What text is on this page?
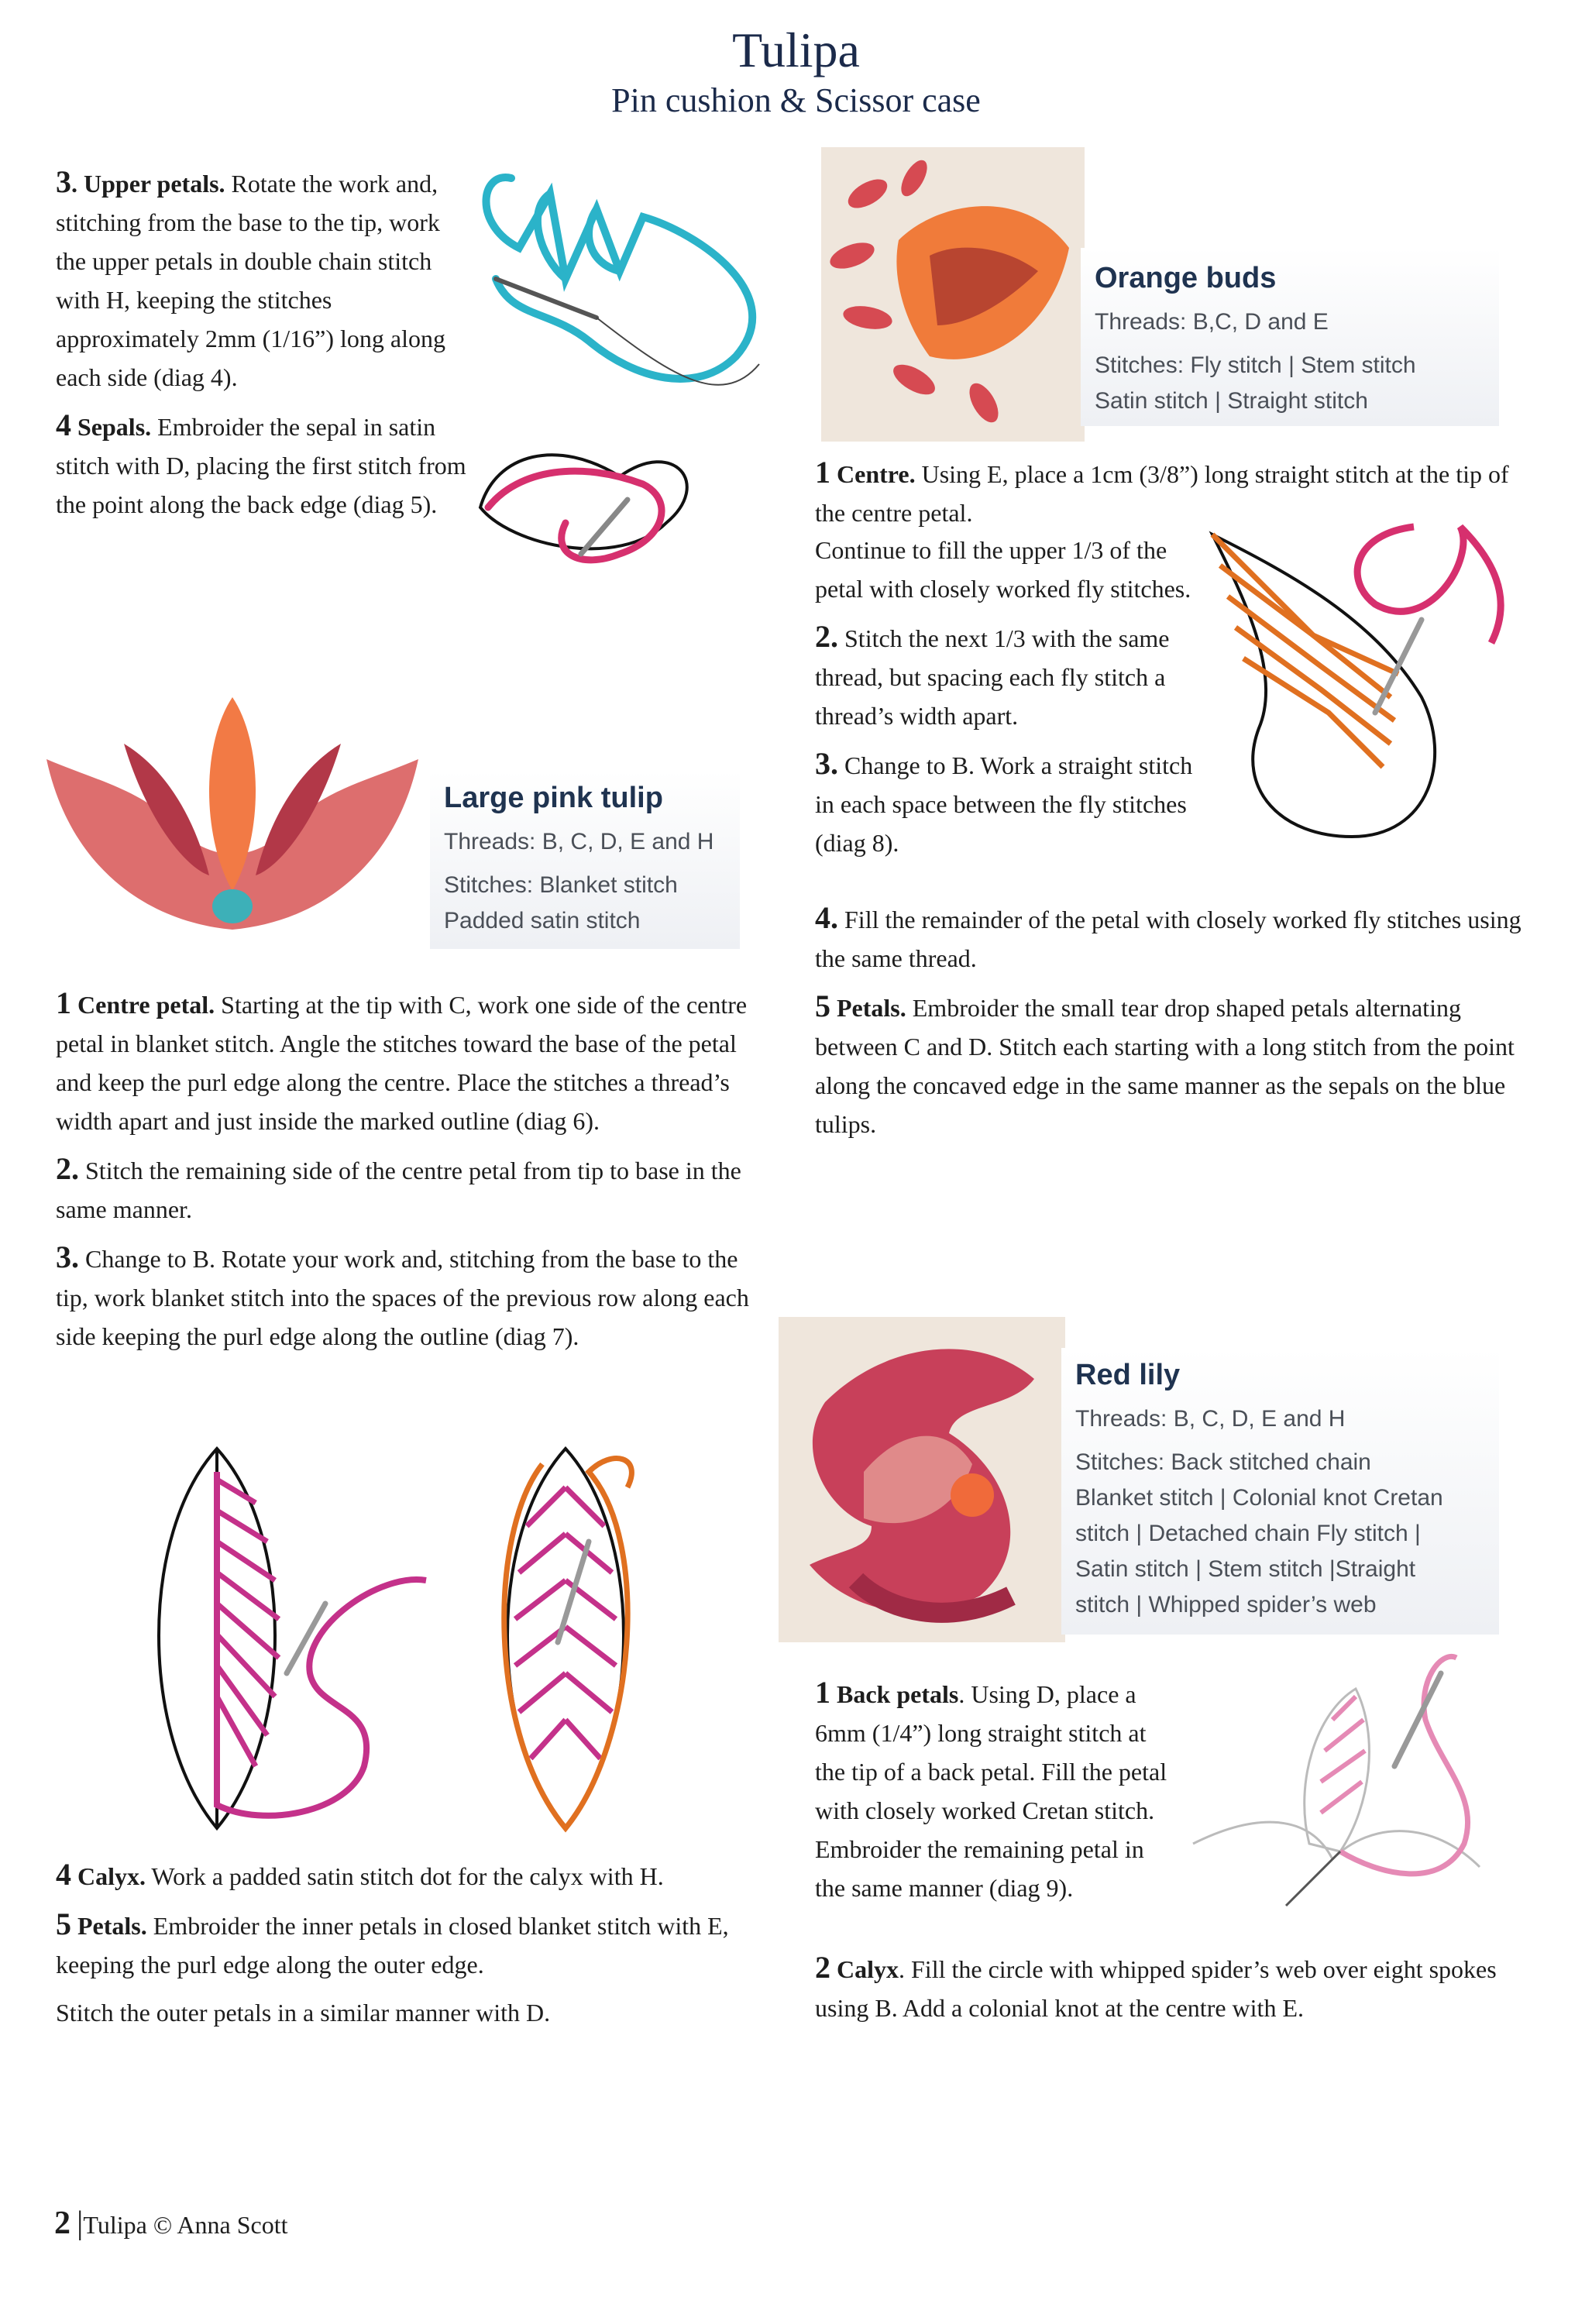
Tulipa
Pin cushion & Scissor case

3. Upper petals. Rotate the work and, stitching from the base to the tip, work the upper petals in double chain stitch with H, keeping the stitches approximately 2mm (1/16”) long along each side (diag 4).

4 Sepals. Embroider the sepal in satin stitch with D, placing the first stitch from the point along the back edge (diag 5).

Orange buds
Threads: B,C, D and E
Stitches: Fly stitch | Stem stitch
Satin stitch | Straight stitch

1 Centre. Using E, place a 1cm (3/8”) long straight stitch at the tip of the centre petal.

Continue to fill the upper 1/3 of the petal with closely worked fly stitches.

2. Stitch the next 1/3 with the same thread, but spacing each fly stitch a thread’s width apart.

3. Change to B. Work a straight stitch in each space between the fly stitches (diag 8).

4. Fill the remainder of the petal with closely worked fly stitches using the same thread.

5 Petals. Embroider the small tear drop shaped petals alternating between C and D. Stitch each starting with a long stitch from the point along the concaved edge in the same manner as the sepals on the blue tulips.

Large pink tulip
Threads: B, C, D, E and H
Stitches: Blanket stitch
Padded satin stitch

1 Centre petal. Starting at the tip with C, work one side of the centre petal in blanket stitch. Angle the stitches toward the base of the petal and keep the purl edge along the centre. Place the stitches a thread’s width apart and just inside the marked outline (diag 6).

2. Stitch the remaining side of the centre petal from tip to base in the same manner.

3. Change to B. Rotate your work and, stitching from the base to the tip, work blanket stitch into the spaces of the previous row along each side keeping the purl edge along the outline (diag 7).

4 Calyx. Work a padded satin stitch dot for the calyx with H.

5 Petals. Embroider the inner petals in closed blanket stitch with E, keeping the purl edge along the outer edge.

Stitch the outer petals in a similar manner with D.

Red lily
Threads: B, C, D, E and H
Stitches: Back stitched chain
Blanket stitch | Colonial knot Cretan
stitch | Detached chain Fly stitch |
Satin stitch | Stem stitch |Straight
stitch | Whipped spider’s web

1 Back petals. Using D, place a 6mm (1/4”) long straight stitch at the tip of a back petal. Fill the petal with closely worked Cretan stitch. Embroider the remaining petal in the same manner (diag 9).

2 Calyx. Fill the circle with whipped spider’s web over eight spokes using B. Add a colonial knot at the centre with E.

2 |Tulipa © Anna Scott
